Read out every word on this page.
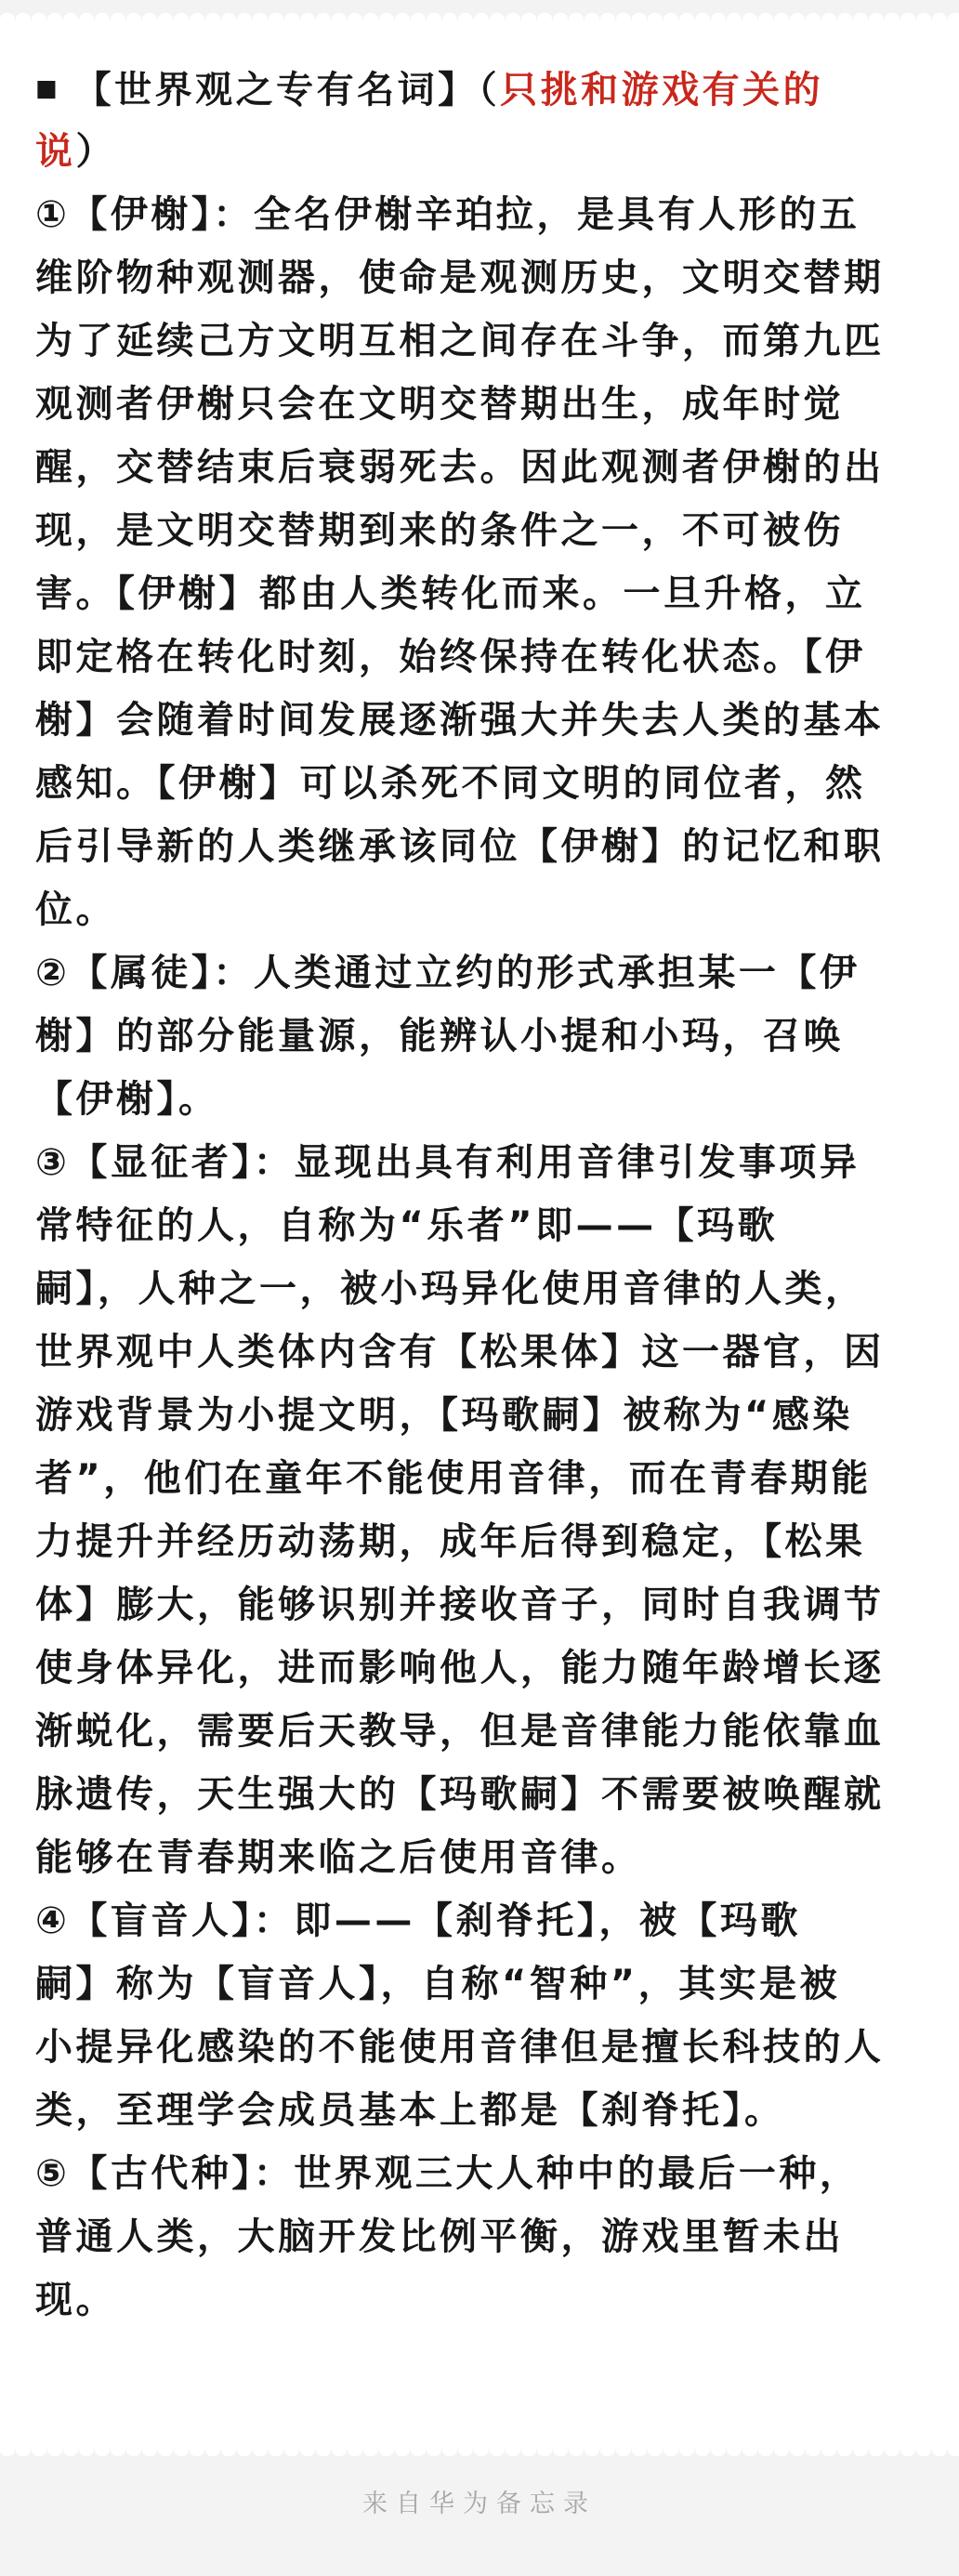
■ 【世界观之专有名词】（只挑和游戏有关的
说）
①【伊榭】：全名伊榭辛珀拉，是具有人形的五
维阶物种观测器，使命是观测历史，文明交替期
为了延续己方文明互相之间存在斗争，而第九匹
观测者伊榭只会在文明交替期出生，成年时觉
醒，交替结束后衰弱死去。因此观测者伊榭的出
现，是文明交替期到来的条件之一，不可被伤
害。【伊榭】都由人类转化而来。一旦升格，立
即定格在转化时刻，始终保持在转化状态。【伊
榭】会随着时间发展逐渐强大并失去人类的基本
感知。【伊榭】可以杀死不同文明的同位者，然
后引导新的人类继承该同位【伊榭】的记忆和职
位。
②【属徒】：人类通过立约的形式承担某一【伊
榭】的部分能量源，能辨认小提和小玛，召唤
【伊榭】。
③【显征者】：显现出具有利用音律引发事项异
常特征的人，自称为“乐者”即——【玛歌
嗣】，人种之一，被小玛异化使用音律的人类，
世界观中人类体内含有【松果体】这一器官，因
游戏背景为小提文明，【玛歌嗣】被称为“感染
者”，他们在童年不能使用音律，而在青春期能
力提升并经历动荡期，成年后得到稳定，【松果
体】膨大，能够识别并接收音子，同时自我调节
使身体异化，进而影响他人，能力随年龄增长逐
渐蜕化，需要后天教导，但是音律能力能依靠血
脉遗传，天生强大的【玛歌嗣】不需要被唤醒就
能够在青春期来临之后使用音律。
④【盲音人】：即——【刹脊托】，被【玛歌
嗣】称为【盲音人】，自称“智种”，其实是被
小提异化感染的不能使用音律但是擅长科技的人
类，至理学会成员基本上都是【刹脊托】。
⑤【古代种】：世界观三大人种中的最后一种，
普通人类，大脑开发比例平衡，游戏里暂未出
现。
来自华为备忘录
